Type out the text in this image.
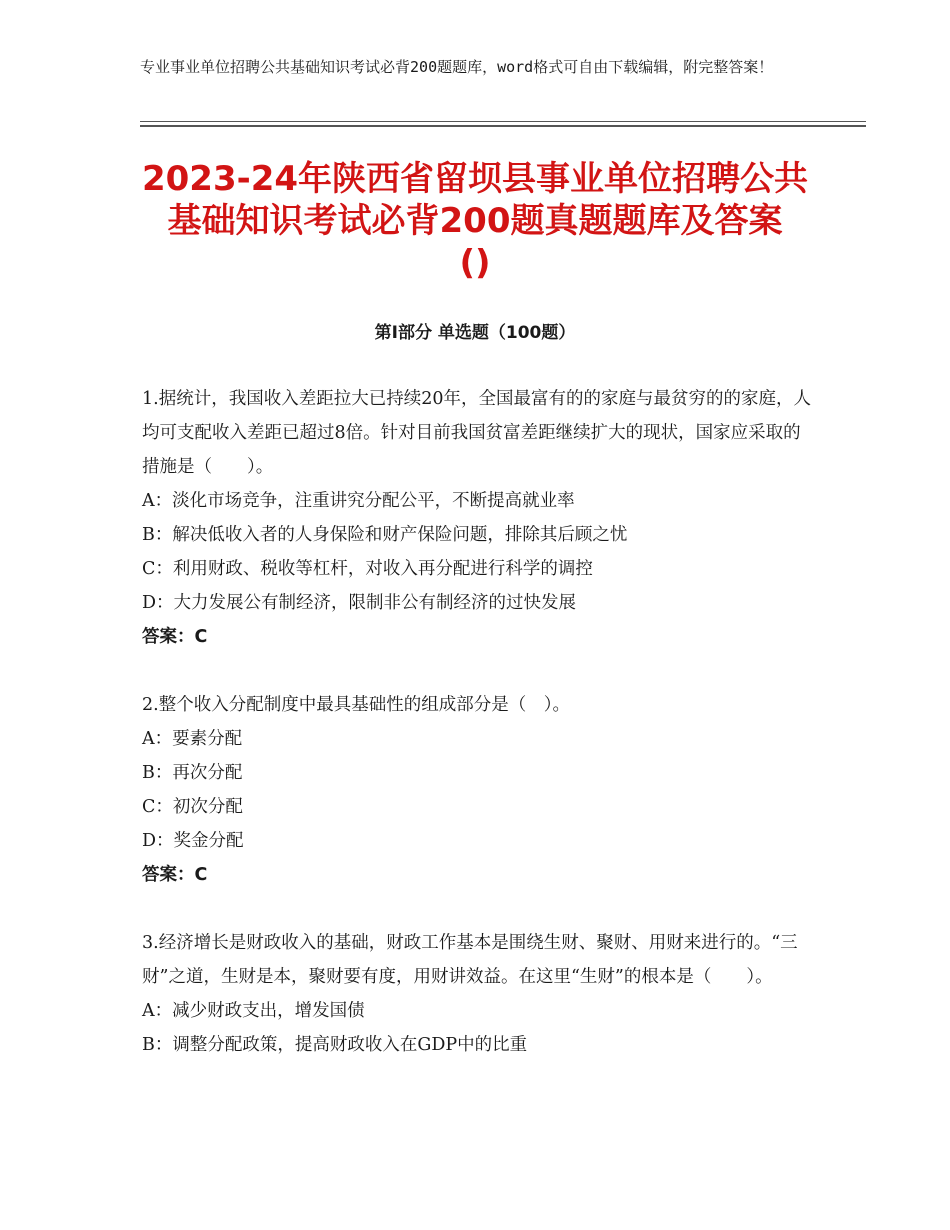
专业事业单位招聘公共基础知识考试必背200题题库，word格式可自由下载编辑，附完整答案！
2023-24年陕西省留坝县事业单位招聘公共
基础知识考试必背200题真题题库及答案
()
第Ⅰ部分 单选题（100题）

1.据统计，我国收入差距拉大已持续20年，全国最富有的的家庭与最贫穷的的家庭，人均可支配收入差距已超过8倍。针对目前我国贫富差距继续扩大的现状，国家应采取的措施是（　　）。

A：淡化市场竞争，注重讲究分配公平，不断提高就业率

B：解决低收入者的人身保险和财产保险问题，排除其后顾之忧

C：利用财政、税收等杠杆，对收入再分配进行科学的调控

D：大力发展公有制经济，限制非公有制经济的过快发展

答案：C

2.整个收入分配制度中最具基础性的组成部分是（　）。

A：要素分配

B：再次分配

C：初次分配

D：奖金分配

答案：C

3.经济增长是财政收入的基础，财政工作基本是围绕生财、聚财、用财来进行的。“三财”之道，生财是本，聚财要有度，用财讲效益。在这里“生财”的根本是（　　）。

A：减少财政支出，增发国债

B：调整分配政策，提高财政收入在GDP中的比重
